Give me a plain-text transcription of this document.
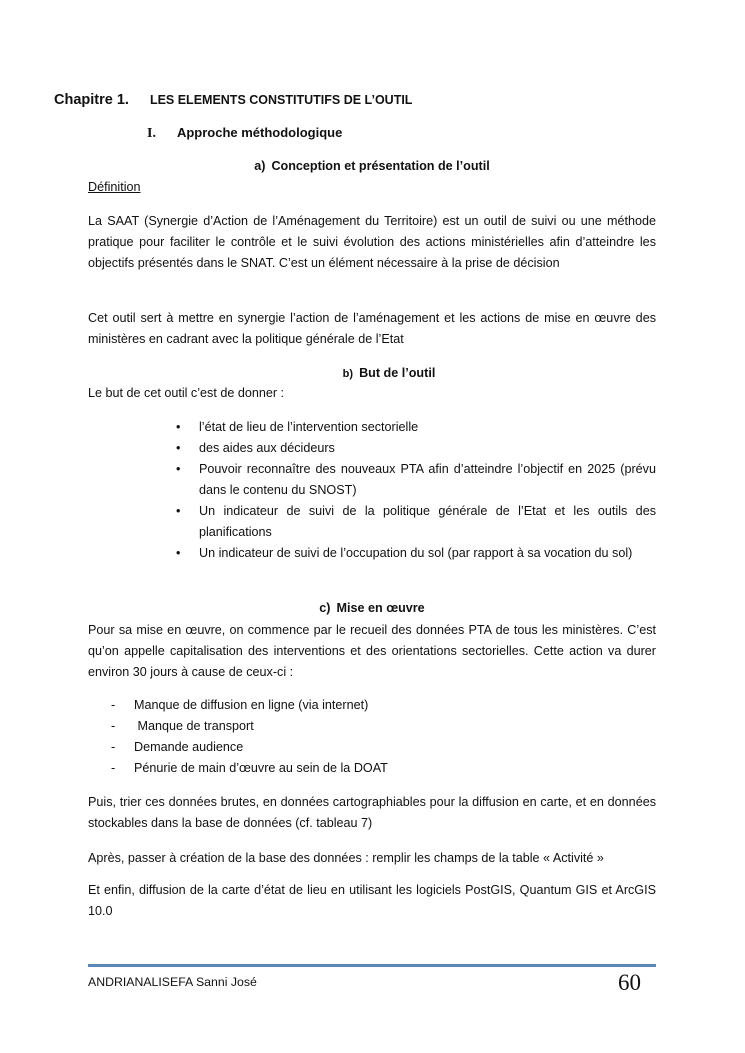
Chapitre 1. LES ELEMENTS CONSTITUTIFS DE L’OUTIL
I. Approche méthodologique
a) Conception et présentation de l’outil
Définition

La SAAT (Synergie d’Action de l’Aménagement du Territoire) est un outil de suivi ou une méthode pratique pour faciliter le contrôle et le suivi évolution des actions ministérielles afin d’atteindre les objectifs présentés dans le SNAT. C’est un élément nécessaire à la prise de décision

Cet outil sert à mettre en synergie l’action de l’aménagement et les actions de mise en œuvre des ministères en cadrant avec la politique générale de l’Etat

b) But de l’outil

Le but de cet outil c’est de donner :

• l’état de lieu de l’intervention sectorielle
• des aides aux décideurs
• Pouvoir reconnaître des nouveaux PTA afin d’atteindre l’objectif en 2025 (prévu dans le contenu du SNOST)
• Un indicateur de suivi de la politique générale de l’Etat et les outils des planifications
• Un indicateur de suivi de l’occupation du sol (par rapport à sa vocation du sol)
c) Mise en œuvre

Pour sa mise en œuvre, on commence par le recueil des données PTA de tous les ministères. C’est qu’on appelle capitalisation des interventions et des orientations sectorielles. Cette action va durer environ 30 jours à cause de ceux-ci :

- Manque de diffusion en ligne (via internet)
- Manque de transport
- Demande audience
- Pénurie de main d’œuvre au sein de la DOAT

Puis, trier ces données brutes, en données cartographiables pour la diffusion en carte, et en données stockables dans la base de données (cf. tableau 7)

Après, passer à création de la base des données : remplir les champs de la table « Activité »

Et enfin, diffusion de la carte d’état de lieu en utilisant les logiciels PostGIS, Quantum GIS et ArcGIS 10.0

ANDRIANALISEFA Sanni José	60
